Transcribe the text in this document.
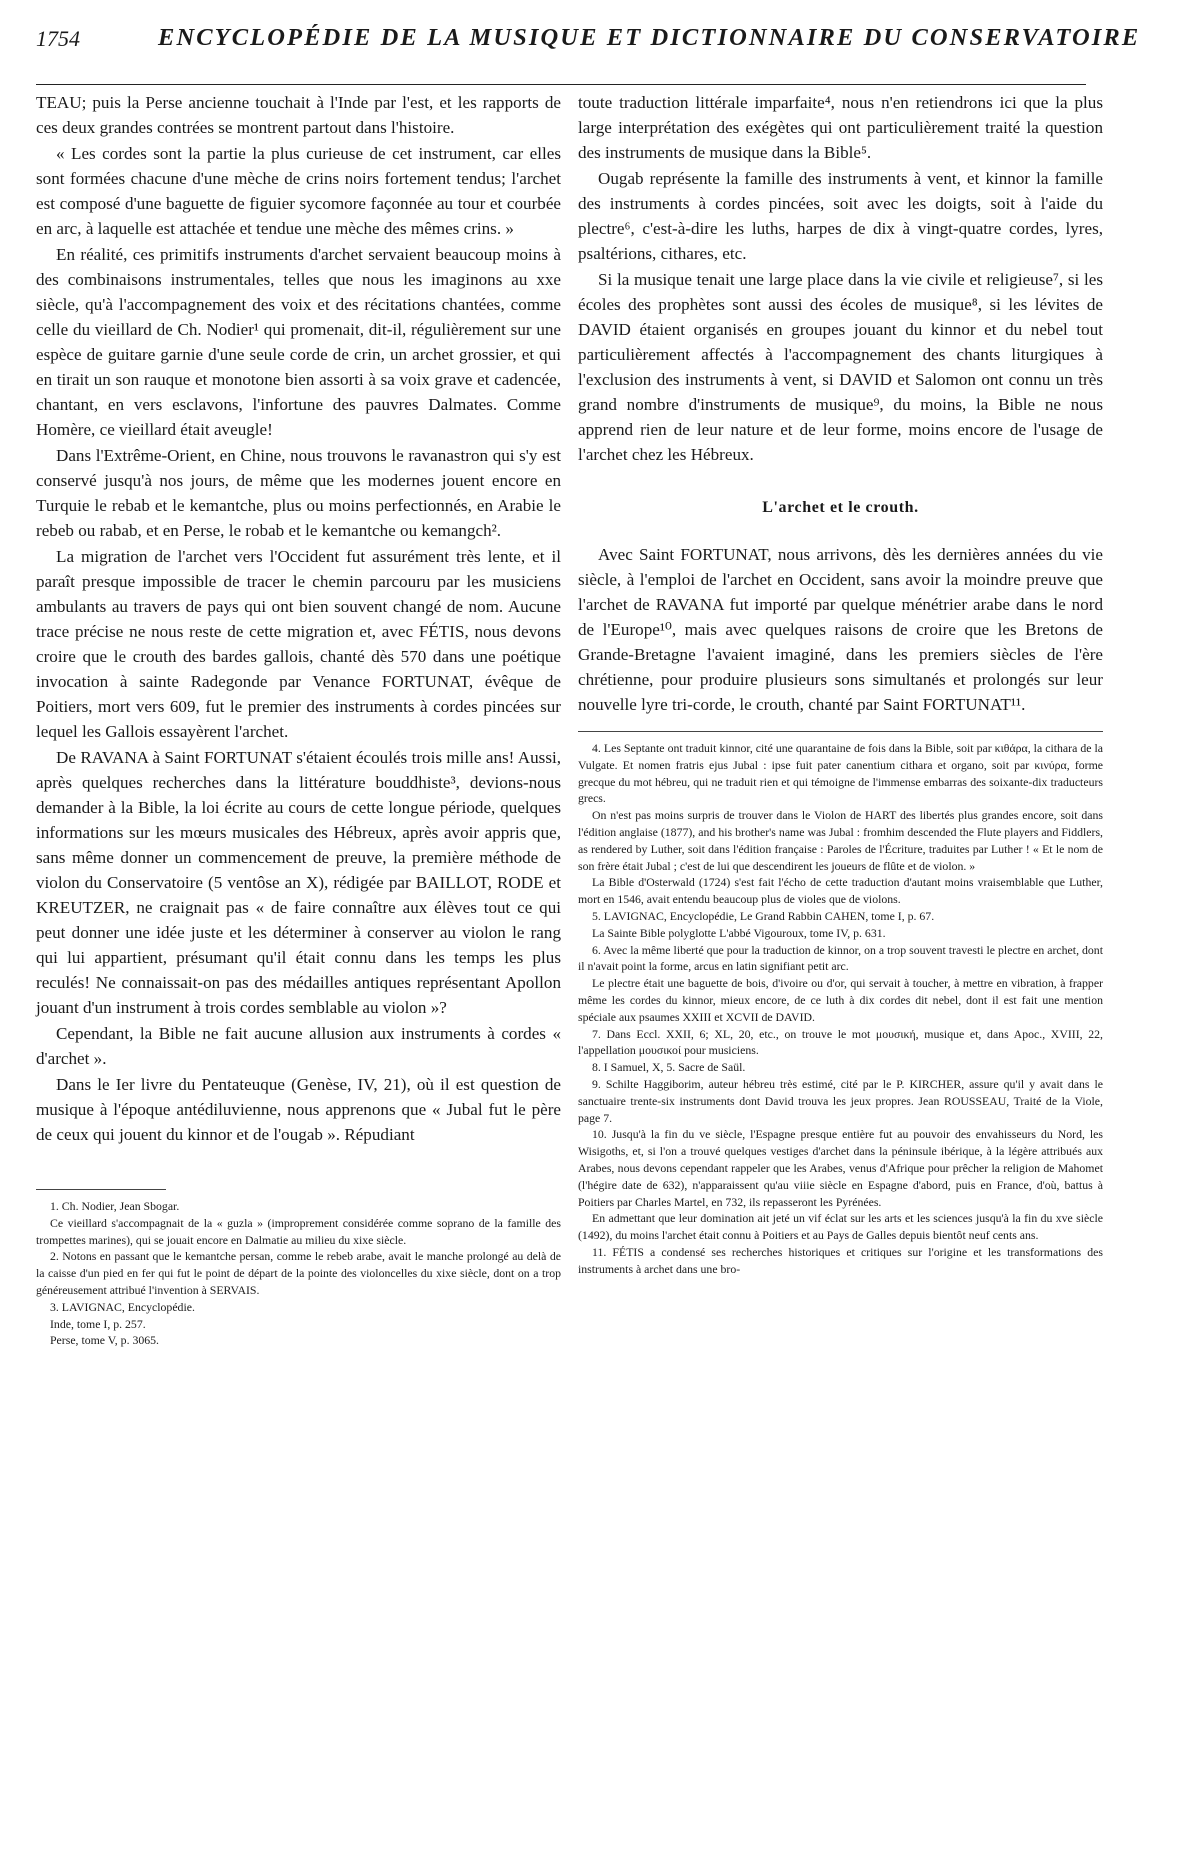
1754	ENCYCLOPÉDIE DE LA MUSIQUE ET DICTIONNAIRE DU CONSERVATOIRE

TEAU; puis la Perse ancienne touchait à l'Inde par l'est, et les rapports de ces deux grandes contrées se montrent partout dans l'histoire.

« Les cordes sont la partie la plus curieuse de cet instrument, car elles sont formées chacune d'une mèche de crins noirs fortement tendus; l'archet est composé d'une baguette de figuier sycomore façonnée au tour et courbée en arc, à laquelle est attachée et tendue une mèche des mêmes crins. »

En réalité, ces primitifs instruments d'archet servaient beaucoup moins à des combinaisons instrumentales, telles que nous les imaginons au xxe siècle, qu'à l'accompagnement des voix et des récitations chantées, comme celle du vieillard de Ch. Nodier¹ qui promenait, dit-il, régulièrement sur une espèce de guitare garnie d'une seule corde de crin, un archet grossier, et qui en tirait un son rauque et monotone bien assorti à sa voix grave et cadencée, chantant, en vers esclavons, l'infortune des pauvres Dalmates. Comme Homère, ce vieillard était aveugle!

Dans l'Extrême-Orient, en Chine, nous trouvons le ravanastron qui s'y est conservé jusqu'à nos jours, de même que les modernes jouent encore en Turquie le rebab et le kemantche, plus ou moins perfectionnés, en Arabie le rebeb ou rabab, et en Perse, le robab et le kemantche ou kemangch².

La migration de l'archet vers l'Occident fut assurément très lente, et il paraît presque impossible de tracer le chemin parcouru par les musiciens ambulants au travers de pays qui ont bien souvent changé de nom. Aucune trace précise ne nous reste de cette migration et, avec FÉTIS, nous devons croire que le crouth des bardes gallois, chanté dès 570 dans une poétique invocation à sainte Radegonde par Venance FORTUNAT, évêque de Poitiers, mort vers 609, fut le premier des instruments à cordes pincées sur lequel les Gallois essayèrent l'archet.

De RAVANA à Saint FORTUNAT s'étaient écoulés trois mille ans! Aussi, après quelques recherches dans la littérature bouddhiste³, devions-nous demander à la Bible, la loi écrite au cours de cette longue période, quelques informations sur les mœurs musicales des Hébreux, après avoir appris que, sans même donner un commencement de preuve, la première méthode de violon du Conservatoire (5 ventôse an X), rédigée par BAILLOT, RODE et KREUTZER, ne craignait pas « de faire connaître aux élèves tout ce qui peut donner une idée juste et les déterminer à conserver au violon le rang qui lui appartient, présumant qu'il était connu dans les temps les plus reculés! Ne connaissait-on pas des médailles antiques représentant Apollon jouant d'un instrument à trois cordes semblable au violon »?

Cependant, la Bible ne fait aucune allusion aux instruments à cordes « d'archet ».

Dans le Ier livre du Pentateuque (Genèse, IV, 21), où il est question de musique à l'époque antédiluvienne, nous apprenons que « Jubal fut le père de ceux qui jouent du kinnor et de l'ougab ». Répudiant

1. Ch. Nodier, Jean Sbogar.

Ce vieillard s'accompagnait de la « guzla » (improprement considérée comme soprano de la famille des trompettes marines), qui se jouait encore en Dalmatie au milieu du xixe siècle.

2. Notons en passant que le kemantche persan, comme le rebeb arabe, avait le manche prolongé au delà de la caisse d'un pied en fer qui fut le point de départ de la pointe des violoncelles du xixe siècle, dont on a trop généreusement attribué l'invention à SERVAIS.

3. LAVIGNAC, Encyclopédie.

Inde, tome I, p. 257.

Perse, tome V, p. 3065.

toute traduction littérale imparfaite⁴, nous n'en retiendrons ici que la plus large interprétation des exégètes qui ont particulièrement traité la question des instruments de musique dans la Bible⁵.

Ougab représente la famille des instruments à vent, et kinnor la famille des instruments à cordes pincées, soit avec les doigts, soit à l'aide du plectre⁶, c'est-à-dire les luths, harpes de dix à vingt-quatre cordes, lyres, psaltérions, cithares, etc.

Si la musique tenait une large place dans la vie civile et religieuse⁷, si les écoles des prophètes sont aussi des écoles de musique⁸, si les lévites de DAVID étaient organisés en groupes jouant du kinnor et du nebel tout particulièrement affectés à l'accompagnement des chants liturgiques à l'exclusion des instruments à vent, si DAVID et Salomon ont connu un très grand nombre d'instruments de musique⁹, du moins, la Bible ne nous apprend rien de leur nature et de leur forme, moins encore de l'usage de l'archet chez les Hébreux.

L'archet et le crouth.

Avec Saint FORTUNAT, nous arrivons, dès les dernières années du vie siècle, à l'emploi de l'archet en Occident, sans avoir la moindre preuve que l'archet de RAVANA fut importé par quelque ménétrier arabe dans le nord de l'Europe¹⁰, mais avec quelques raisons de croire que les Bretons de Grande-Bretagne l'avaient imaginé, dans les premiers siècles de l'ère chrétienne, pour produire plusieurs sons simultanés et prolongés sur leur nouvelle lyre tri-corde, le crouth, chanté par Saint FORTUNAT¹¹.

4. Les Septante ont traduit kinnor, cité une quarantaine de fois dans la Bible, soit par κιθάρα, la cithara de la Vulgate. Et nomen fratris ejus Jubal : ipse fuit pater canentium cithara et organo, soit par κινύρα, forme grecque du mot hébreu, qui ne traduit rien et qui témoigne de l'immense embarras des soixante-dix traducteurs grecs.

On n'est pas moins surpris de trouver dans le Violon de HART des libertés plus grandes encore, soit dans l'édition anglaise (1877), and his brother's name was Jubal : fromhim descended the Flute players and Fiddlers, as rendered by Luther, soit dans l'édition française : Paroles de l'Écriture, traduites par Luther ! « Et le nom de son frère était Jubal ; c'est de lui que descendirent les joueurs de flûte et de violon. »

La Bible d'Osterwald (1724) s'est fait l'écho de cette traduction d'autant moins vraisemblable que Luther, mort en 1546, avait entendu beaucoup plus de violes que de violons.

5. LAVIGNAC, Encyclopédie, Le Grand Rabbin CAHEN, tome I, p. 67.

La Sainte Bible polyglotte L'abbé Vigouroux, tome IV, p. 631.

6. Avec la même liberté que pour la traduction de kinnor, on a trop souvent travesti le plectre en archet, dont il n'avait point la forme, arcus en latin signifiant petit arc.

Le plectre était une baguette de bois, d'ivoire ou d'or, qui servait à toucher, à mettre en vibration, à frapper même les cordes du kinnor, mieux encore, de ce luth à dix cordes dit nebel, dont il est fait une mention spéciale aux psaumes XXIII et XCVII de DAVID.

7. Dans Eccl. XXII, 6; XL, 20, etc., on trouve le mot μουσική, musique et, dans Apoc., XVIII, 22, l'appellation μουσικοί pour musiciens.

8. I Samuel, X, 5. Sacre de Saül.

9. Schilte Haggiborim, auteur hébreu très estimé, cité par le P. KIRCHER, assure qu'il y avait dans le sanctuaire trente-six instruments dont David trouva les jeux propres. Jean ROUSSEAU, Traité de la Viole, page 7.

10. Jusqu'à la fin du ve siècle, l'Espagne presque entière fut au pouvoir des envahisseurs du Nord, les Wisigoths, et, si l'on a trouvé quelques vestiges d'archet dans la péninsule ibérique, à la légère attribués aux Arabes, nous devons cependant rappeler que les Arabes, venus d'Afrique pour prêcher la religion de Mahomet (l'hégire date de 632), n'apparaissent qu'au viiie siècle en Espagne d'abord, puis en France, d'où, battus à Poitiers par Charles Martel, en 732, ils repasseront les Pyrénées.

En admettant que leur domination ait jeté un vif éclat sur les arts et les sciences jusqu'à la fin du xve siècle (1492), du moins l'archet était connu à Poitiers et au Pays de Galles depuis bientôt neuf cents ans.

11. FÉTIS a condensé ses recherches historiques et critiques sur l'origine et les transformations des instruments à archet dans une bro-
